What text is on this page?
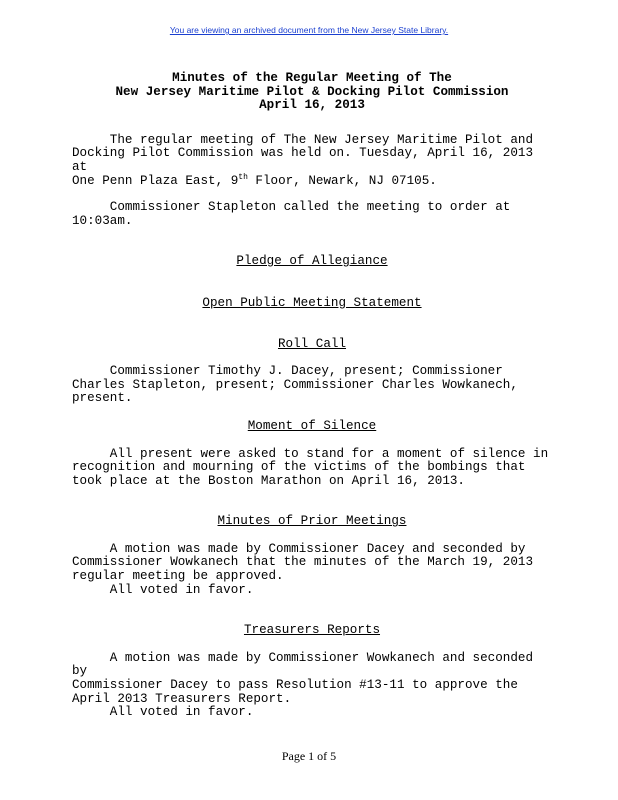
You are viewing an archived document from the New Jersey State Library.
Minutes of the Regular Meeting of The
New Jersey Maritime Pilot & Docking Pilot Commission
April 16, 2013

The regular meeting of The New Jersey Maritime Pilot and
Docking Pilot Commission was held on. Tuesday, April 16, 2013 at
One Penn Plaza East, 9th Floor, Newark, NJ 07105.

Commissioner Stapleton called the meeting to order at
10:03am.

Pledge of Allegiance
Open Public Meeting Statement
Roll Call

Commissioner Timothy J. Dacey, present; Commissioner
Charles Stapleton, present; Commissioner Charles Wowkanech,
present.

Moment of Silence

All present were asked to stand for a moment of silence in
recognition and mourning of the victims of the bombings that
took place at the Boston Marathon on April 16, 2013.

Minutes of Prior Meetings

A motion was made by Commissioner Dacey and seconded by
Commissioner Wowkanech that the minutes of the March 19, 2013
regular meeting be approved.
All voted in favor.

Treasurers Reports

A motion was made by Commissioner Wowkanech and seconded by
Commissioner Dacey to pass Resolution #13-11 to approve the
April 2013 Treasurers Report.
All voted in favor.

Page 1 of 5
